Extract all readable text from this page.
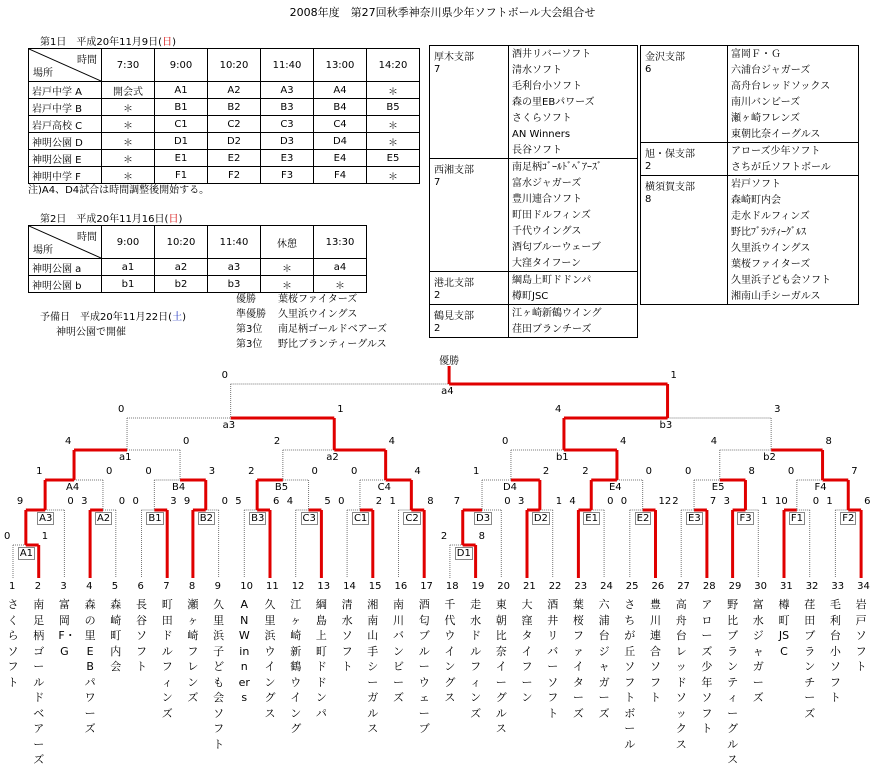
2008年度　第27回秋季神奈川県少年ソフトボール大会組合せ
第1日　平成20年11月9日(日)
時間
場所	7:30	9:00	10:20	11:40	13:00	14:20
岩戸中学 A	開会式	A1	A2	A3	A4	＊
岩戸中学 B	＊	B1	B2	B3	B4	B5
岩戸高校 C	＊	C1	C2	C3	C4	＊
神明公園 D	＊	D1	D2	D3	D4	＊
神明公園 E	＊	E1	E2	E3	E4	E5
神明中学 F	＊	F1	F2	F3	F4	＊
注)A4、D4試合は時間調整後開始する。
第2日　平成20年11月16日(日)
時間
場所	9:00	10:20	11:40	休憩	13:30
神明公園 a	a1	a2	a3	＊	a4
神明公園 b	b1	b2	b3	＊	＊
優勝 葉桜ファイターズ
準優勝 久里浜ウイングス
第3位 南足柄ゴールドベアーズ
第3位 野比ブランティーグルス
予備日　平成20年11月22日(土)
神明公園で開催
厚木支部
7
酒井リバーソフト
清水ソフト
毛利台小ソフト
森の里EBパワーズ
さくらソフト
AN Winners
長谷ソフト
西湘支部
7
南足柄ｺﾞｰﾙﾄﾞﾍﾞｱｰｽﾞ
富水ジャガーズ
豊川連合ソフト
町田ドルフィンズ
千代ウイングス
酒匂ブルーウェーブ
大窪タイフーン
港北支部
2
綱島上町ドドンパ
樽町JSC
鶴見支部
2
江ヶ崎新鶴ウイング
荏田ブランチーズ
金沢支部
6
富岡Ｆ・Ｇ
六浦台ジャガーズ
高舟台レッドソックス
南川バンビーズ
瀬ヶ崎フレンズ
東朝比奈イーグルス
旭・保支部
2
アローズ少年ソフト
さちが丘ソフトボール
横須賀支部
8
岩戸ソフト
森崎町内会
走水ドルフィンズ
野比ﾌﾞﾗﾝﾃｨｰｸﾞﾙｽ
久里浜ウイングス
葉桜ファイターズ
久里浜子ども会ソフト
湘南山手シーガルス
1
さくらソフト
2
南足柄ゴールドベアーズ
3
富岡F・G
4
森の里EBパワーズ
5
森崎町内会
6
長谷ソフト
7
町田ドルフィンズ
8
瀬ヶ崎フレンズ
9
久里浜子ども会ソフト
10
AN Winners
11
久里浜ウイングス
12
江ヶ崎新鶴ウイング
13
綱島上町ドドンパ
14
清水ソフト
15
湘南山手シーガルス
16
南川バンビーズ
17
酒匂ブルーウェーブ
18
千代ウイングス
19
走水ドルフィンズ
20
東朝比奈イーグルス
21
大窪タイフーン
22
酒井リバーソフト
23
葉桜ファイターズ
24
六浦台ジャガーズ
25
さちが丘ソフトボール
26
豊川連合ソフト
27
高舟台レッドソックス
28
アローズ少年ソフト
29
野比ブランティーグルス
30
富水ジャガーズ
31
樽町JSC
32
荏田ブランチーズ
33
毛利台小ソフト
34
岩戸ソフト
0	1
A1
2	8
D1
9	0
A3
3	0
A2
0	3
B1
9	0
B2
5	6
B3
4	5
C3
0	2
C1
1	8
C2
7	0
D3
3	1
D2
4	0
E1
0	12
E2
2	7
E3
3	1
F3
10 0
F1
1	6
F2
1	0
A4
0	3
B4
2	0
B5
0	4
C4
1	2
D4
2	0
E4
0	8
E5
0	7
F4
4	0
a1
2	4
a2
0	4
b1
4	8
b2
0	1
a3
4	3
b3
0	1
a4
優勝
